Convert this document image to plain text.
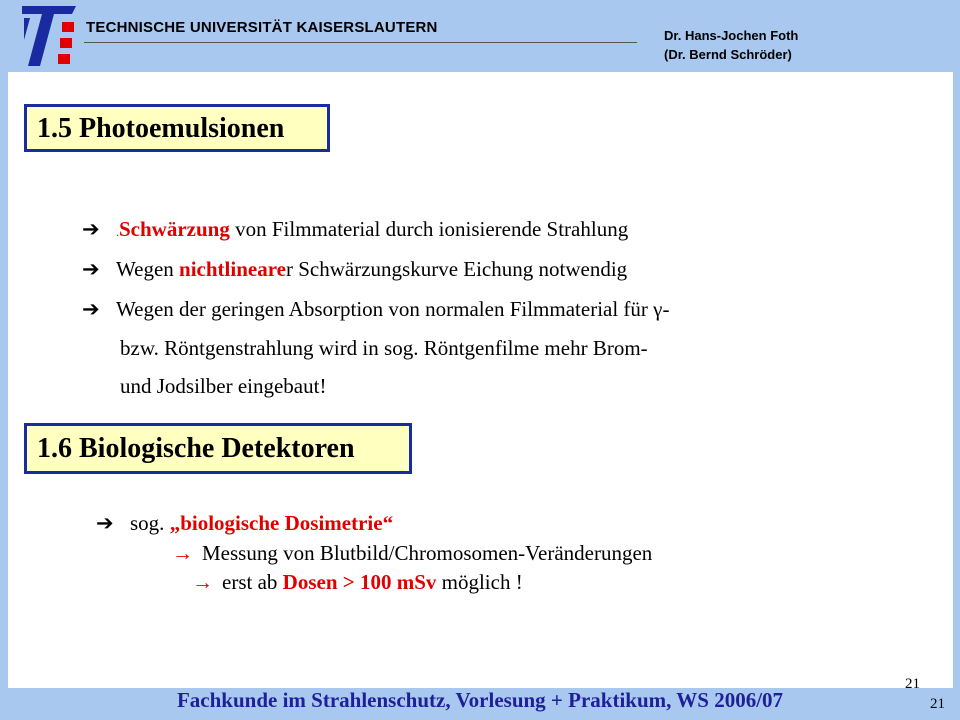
TECHNISCHE UNIVERSITÄT KAISERSLAUTERN	Dr. Hans-Jochen Foth
(Dr. Bernd Schröder)
1.5 Photoemulsionen
➔ .Schwärzung von Filmmaterial durch ionisierende Strahlung
➔ Wegen nichtlinearer Schwärzungskurve Eichung notwendig
➔ Wegen der geringen Absorption von normalen Filmmaterial für γ-
bzw. Röntgenstrahlung wird in sog. Röntgenfilme mehr Brom-
und Jodsilber eingebaut!
1.6 Biologische Detektoren
➔ sog. „biologische Dosimetrie“
→ Messung von Blutbild/Chromosomen-Veränderungen
→ erst ab Dosen > 100 mSv möglich !
21
Fachkunde im Strahlenschutz, Vorlesung + Praktikum, WS 2006/07	21
